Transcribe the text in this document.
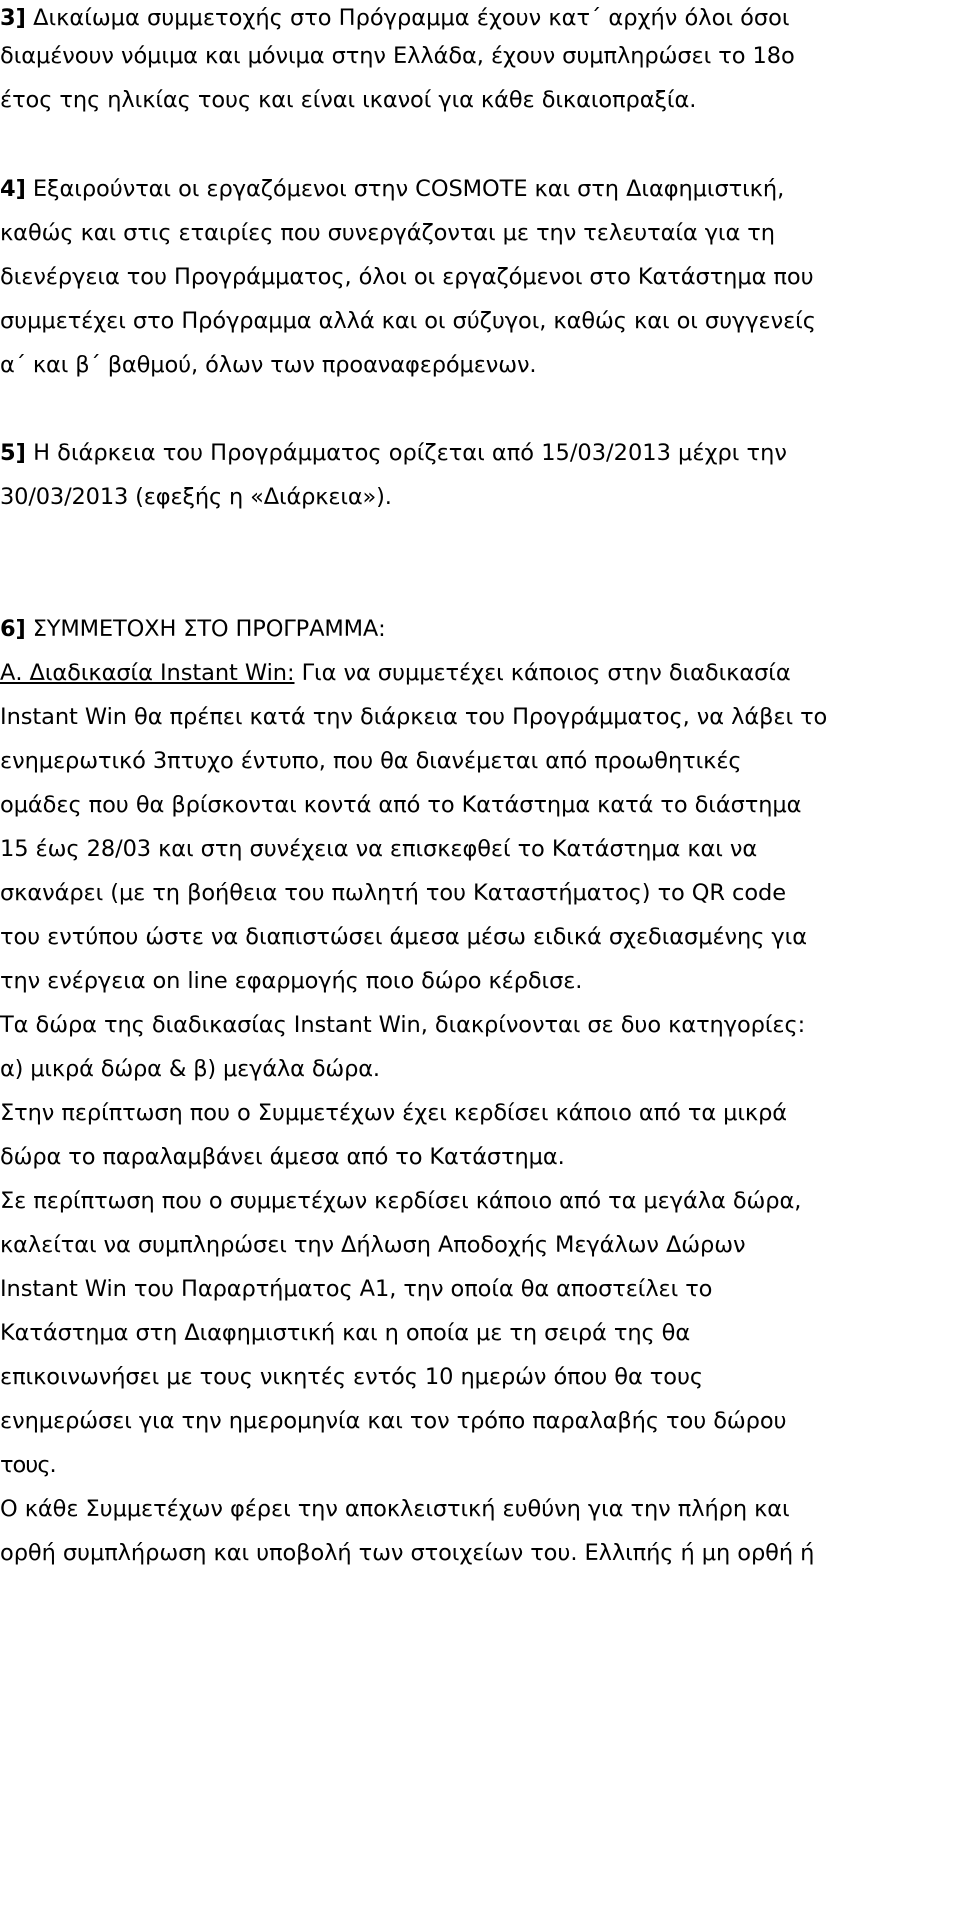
3] Δικαίωμα συμμετοχής στο Πρόγραμμα έχουν κατ΄ αρχήν όλοι όσοι
διαμένουν νόμιμα και μόνιμα στην Ελλάδα, έχουν συμπληρώσει το 18ο
έτος της ηλικίας τους και είναι ικανοί για κάθε δικαιοπραξία.
4] Εξαιρούνται οι εργαζόμενοι στην COSMOTE και στη Διαφημιστική,
καθώς και στις εταιρίες που συνεργάζονται με την τελευταία για τη
διενέργεια του Προγράμματος, όλοι οι εργαζόμενοι στο Κατάστημα που
συμμετέχει στο Πρόγραμμα αλλά και οι σύζυγοι, καθώς και οι συγγενείς
α΄ και β΄ βαθμού, όλων των προαναφερόμενων.
5] Η διάρκεια του Προγράμματος ορίζεται από 15/03/2013 μέχρι την
30/03/2013 (εφεξής η «Διάρκεια»).
6] ΣΥΜΜΕΤΟΧΗ ΣΤΟ ΠΡΟΓΡΑΜΜΑ:
Α. Διαδικασία Instant Win: Για να συμμετέχει κάποιος στην διαδικασία
Instant Win θα πρέπει κατά την διάρκεια του Προγράμματος, να λάβει το
ενημερωτικό 3πτυχο έντυπο, που θα διανέμεται από προωθητικές
ομάδες που θα βρίσκονται κοντά από το Κατάστημα κατά το διάστημα
15 έως 28/03 και στη συνέχεια να επισκεφθεί το Κατάστημα και να
σκανάρει (με τη βοήθεια του πωλητή του Καταστήματος) το QR code
του εντύπου ώστε να διαπιστώσει άμεσα μέσω ειδικά σχεδιασμένης για
την ενέργεια on line εφαρμογής ποιο δώρο κέρδισε.
Τα δώρα της διαδικασίας Instant Win, διακρίνονται σε δυο κατηγορίες:
α) μικρά δώρα & β) μεγάλα δώρα.
Στην περίπτωση που ο Συμμετέχων έχει κερδίσει κάποιο από τα μικρά
δώρα το παραλαμβάνει άμεσα από το Κατάστημα.
Σε περίπτωση που ο συμμετέχων κερδίσει κάποιο από τα μεγάλα δώρα,
καλείται να συμπληρώσει την Δήλωση Αποδοχής Μεγάλων Δώρων
Instant Win του Παραρτήματος Α1, την οποία θα αποστείλει το
Κατάστημα στη Διαφημιστική και η οποία με τη σειρά της θα
επικοινωνήσει με τους νικητές εντός 10 ημερών όπου θα τους
ενημερώσει για την ημερομηνία και τον τρόπο παραλαβής του δώρου
τους.
Ο κάθε Συμμετέχων φέρει την αποκλειστική ευθύνη για την πλήρη και
ορθή συμπλήρωση και υποβολή των στοιχείων του. Ελλιπής ή μη ορθή ή
